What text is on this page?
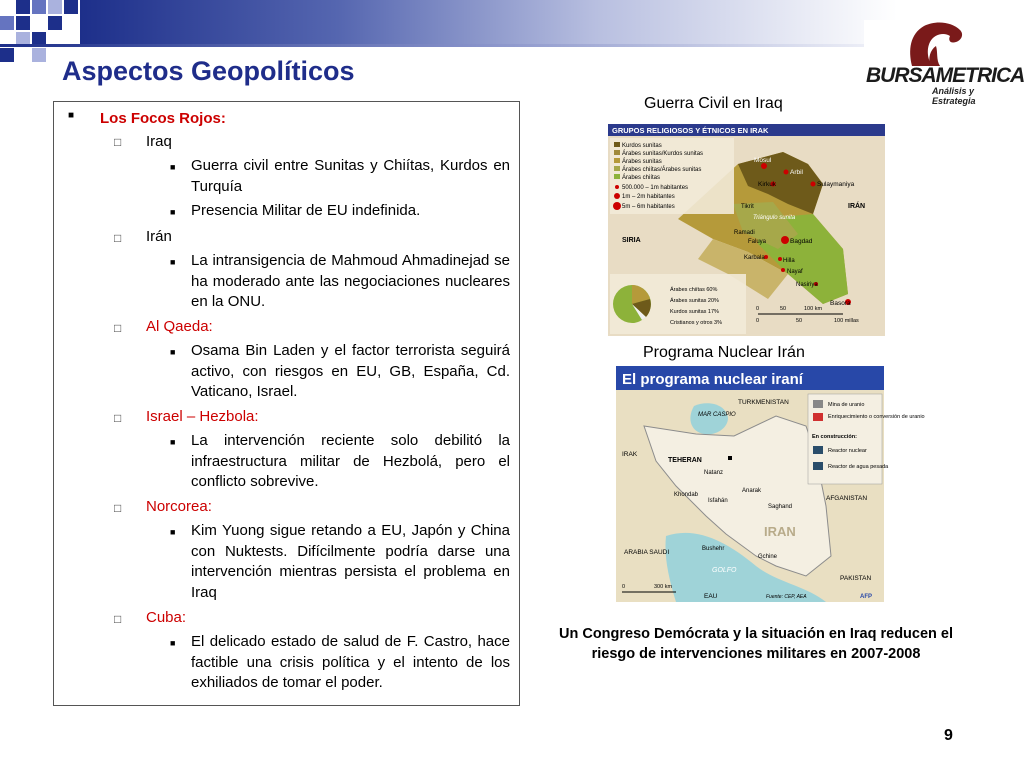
Aspectos Geopolíticos	BURSAMETRICA
Análisis y Estrategia
■ Los Focos Rojos:
□ Iraq
■ Guerra civil entre Sunitas y Chiítas, Kurdos en Turquía
■ Presencia Militar de EU indefinida.
□ Irán
■ La intransigencia de Mahmoud Ahmadinejad se ha moderado ante las negociaciones nucleares en la ONU.
□ Al Qaeda:
■ Osama Bin Laden y el factor terrorista seguirá activo, con riesgos en EU, GB, España, Cd. Vaticano, Israel.
□ Israel – Hezbola:
■ La intervención reciente solo debilitó la infraestructura militar de Hezbolá, pero el conflicto sobrevive.
□ Norcorea:
■ Kim Yuong sigue retando a EU, Japón y China con Nuktests. Difícilmente podría darse una intervención mientras persista el problema en Iraq
□ Cuba:
■ El delicado estado de salud de F. Castro, hace factible una crisis política y el intento de los exhiliados de tomar el poder.
Guerra Civil en Iraq
GRUPOS RELIGIOSOS Y ÉTNICOS EN IRAK
Kurdos sunitas
Árabes sunitas/Kurdos sunitas
Árabes sunitas
Árabes chiítas/Árabes sunitas
Árabes chiítas
500.000 – 1m habitantes
1m – 2m habitantes
5m – 6m habitantes
Mosul
Arbil
Kirkuk	Sulaymaniya
Tikrit
Triángulo sunita
Ramadi
Faluya	Bagdad
Karbala	Hilla
Nayaf
Nasiriya
Basora
SIRIA
IRÁN
Árabes chiítas 60%
Árabes sunitas 20%
Kurdos sunitas 17%
Cristianos y otros 3%
0	50	100 km
0	50	100 millas
Programa Nuclear Irán
El programa nuclear iraní
Mina de uranio
Enriquecimiento o conversión de uranio
En construcción:
Reactor nuclear
Reactor de agua pesada
TURKMENISTAN
MAR CASPIO
IRAK
TEHERAN
Natanz
Khondab
Isfahán
Anarak
Saghand
IRAN
AFGANISTAN
Bushehr
Gchine
ARABIA SAUDI
GOLFO
PAKISTAN
EAU
0	300 km
Fuente: CEP, AEA	AFP
Un Congreso Demócrata y la situación en Iraq reducen el riesgo de intervenciones militares en 2007-2008
9
